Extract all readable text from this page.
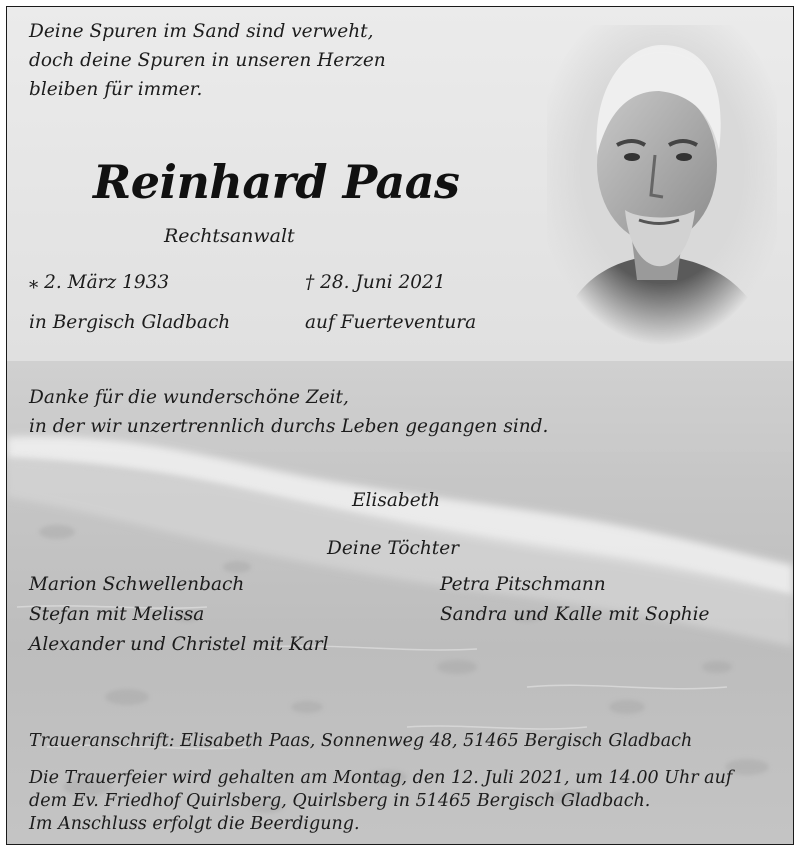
Deine Spuren im Sand sind verweht,
doch deine Spuren in unseren Herzen
bleiben für immer.
Reinhard Paas
Rechtsanwalt
⁎ 2. März 1933	† 28. Juni 2021
in Bergisch Gladbach	auf Fuerteventura
Danke für die wunderschöne Zeit,
in der wir unzertrennlich durchs Leben gegangen sind.
Elisabeth
Deine Töchter
Marion Schwellenbach
Stefan mit Melissa
Alexander und Christel mit Karl
Petra Pitschmann
Sandra und Kalle mit Sophie
Traueranschrift: Elisabeth Paas, Sonnenweg 48, 51465 Bergisch Gladbach
Die Trauerfeier wird gehalten am Montag, den 12. Juli 2021, um 14.00 Uhr auf
dem Ev. Friedhof Quirlsberg, Quirlsberg in 51465 Bergisch Gladbach.
Im Anschluss erfolgt die Beerdigung.
